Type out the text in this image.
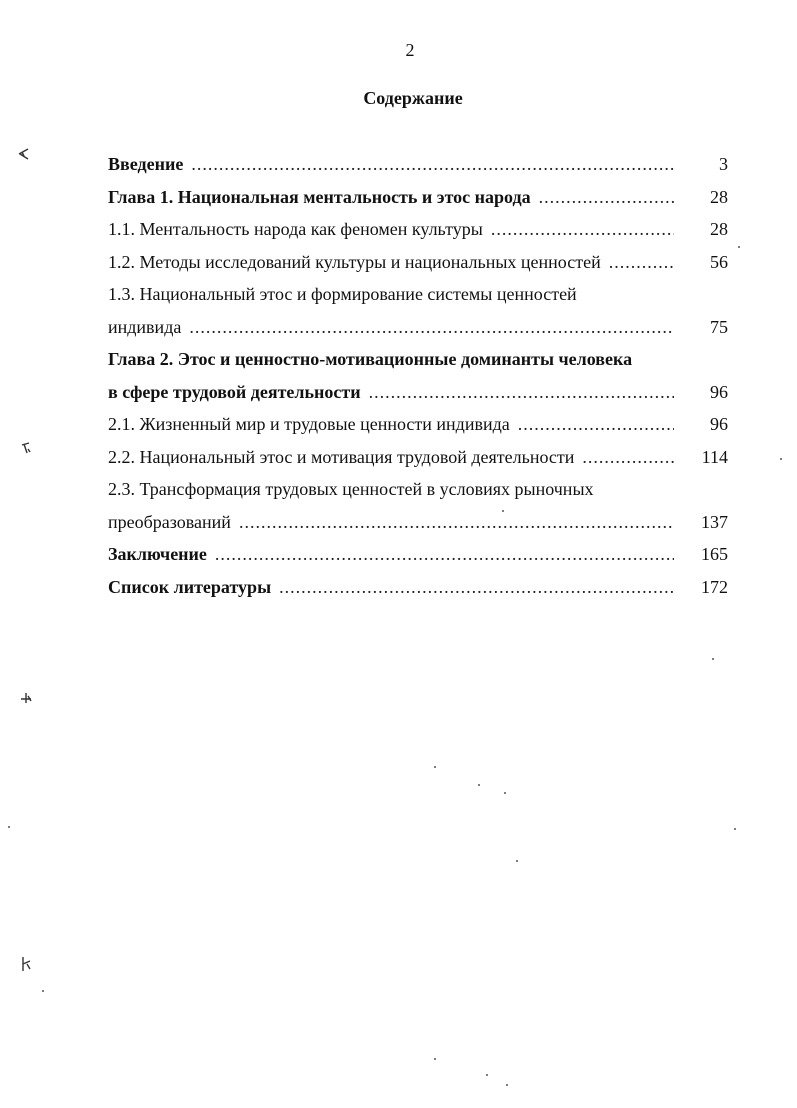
2
Содержание
Введение .....	3
Глава 1. Национальная ментальность и этос народа .....	28
1.1. Ментальность народа как феномен культуры .....	28
1.2. Методы исследований культуры и национальных ценностей .....	56
1.3. Национальный этос и формирование системы ценностей
индивида .....	75
Глава 2. Этос и ценностно-мотивационные доминанты человека
в сфере трудовой деятельности .....	96
2.1. Жизненный мир и трудовые ценности индивида .....	96
2.2. Национальный этос и мотивация трудовой деятельности .....	114
2.3. Трансформация трудовых ценностей в условиях рыночных
преобразований .....	137
Заключение .....	165
Список литературы .....	172
